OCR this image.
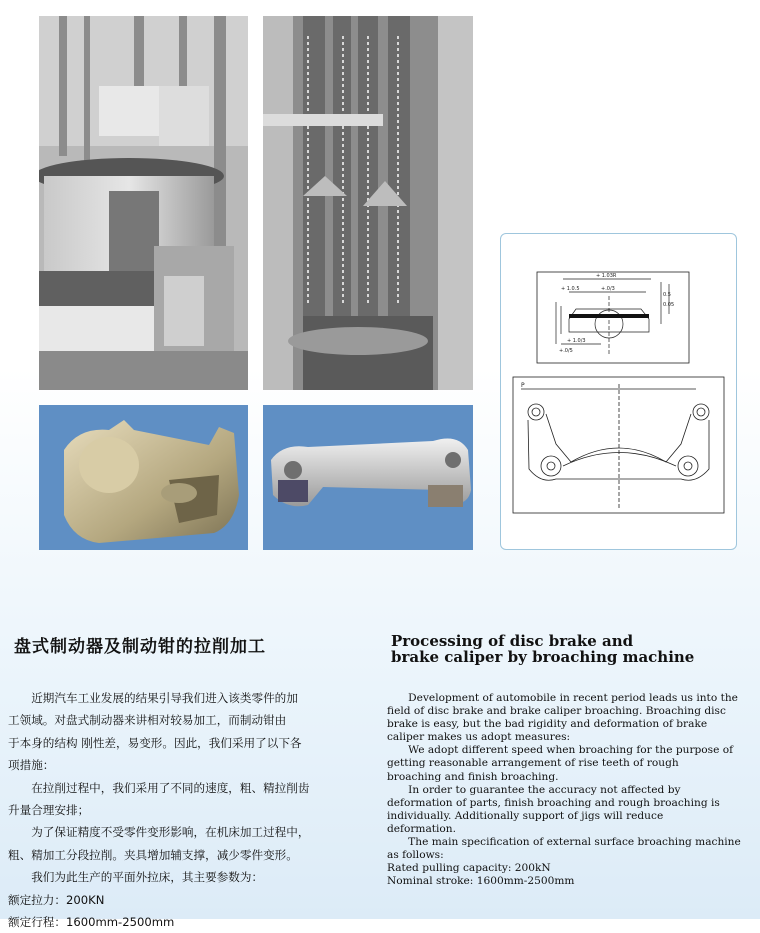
+ 1.03R
+ 1.0.5	+.0/3
+.0/5
+ 1.0/3
0.5
0.05
P
盘式制动器及制动钳的拉削加工	Processing of disc brake and
brake caliper by broaching machine

　　近期汽车工业发展的结果引导我们进入该类零件的加

工领域。对盘式制动器来讲相对较易加工，而制动钳由

于本身的结构 刚性差，易变形。因此，我们采用了以下各

项措施：

　　在拉削过程中，我们采用了不同的速度，粗、精拉削齿

升量合理安排；

　　为了保证精度不受零件变形影响，在机床加工过程中，

粗、精加工分段拉削。夹具增加辅支撑，减少零件变形。

　　我们为此生产的平面外拉床，其主要参数为：

额定拉力：200KN

额定行程：1600mm-2500mm

　　Development of automobile in recent period leads us into the

field of disc brake and brake caliper broaching. Broaching disc

brake is easy, but the bad rigidity and deformation of brake

caliper makes us adopt measures:

　　We adopt different speed when broaching for the purpose of

getting reasonable arrangement of rise teeth of rough

broaching and finish broaching.

　　In order to guarantee the accuracy not affected by

deformation of parts, finish broaching and rough broaching is

individually. Additionally support of jigs will reduce

deformation.

　　The main specification of external surface broaching machine

as follows:

Rated pulling capacity: 200kN

Nominal stroke: 1600mm-2500mm
